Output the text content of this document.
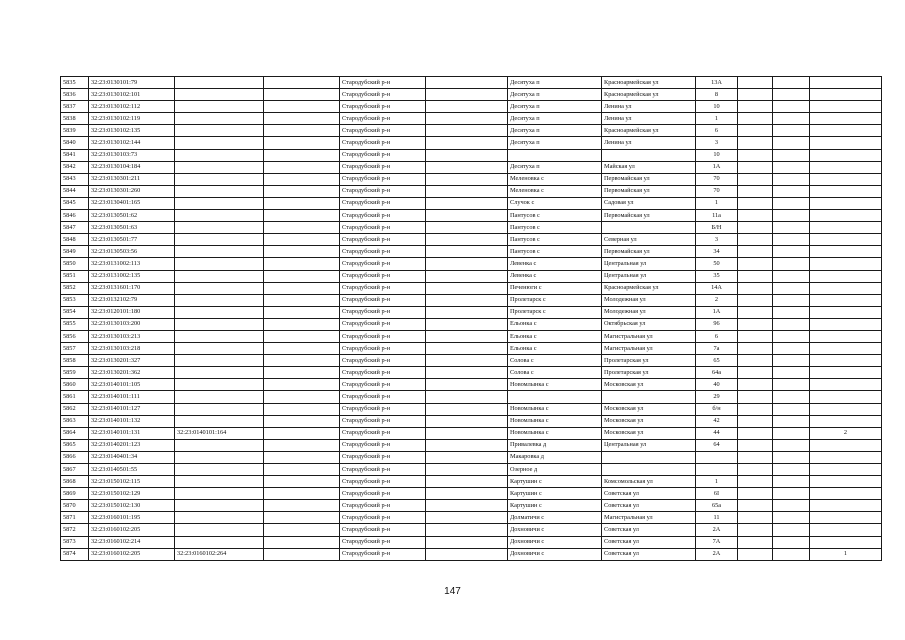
5835	32:23:0130101:79			Стародубский р-н		Десятуха п	Красноармейская ул	13А			
5836	32:23:0130102:101			Стародубский р-н		Десятуха п	Красноармейская ул	8			
5837	32:23:0130102:112			Стародубский р-н		Десятуха п	Ленина ул	10			
5838	32:23:0130102:119			Стародубский р-н		Десятуха п	Ленина ул	1			
5839	32:23:0130102:135			Стародубский р-н		Десятуха п	Красноармейская ул	6			
5840	32:23:0130102:144			Стародубский р-н		Десятуха п	Ленина ул	3			
5841	32:23:0130103:73			Стародубский р-н				10			
5842	32:23:0130104:184			Стародубский р-н		Десятуха п	Майская ул	1А			
5843	32:23:0130301:211			Стародубский р-н		Меленовка с	Первомайская ул	70			
5844	32:23:0130301:260			Стародубский р-н		Меленовка с	Первомайская ул	70			
5845	32:23:0130401:165			Стародубский р-н		Случок с	Садовая ул	1			
5846	32:23:0130501:62			Стародубский р-н		Пантусов с	Первомайская ул	11а			
5847	32:23:0130501:63			Стародубский р-н		Пантусов с		Б/Н			
5848	32:23:0130501:77			Стародубский р-н		Пантусов с	Северная ул	3			
5849	32:23:0130503:56			Стародубский р-н		Пантусов с	Первомайская ул	34			
5850	32:23:0131002:113			Стародубский р-н		Левенка с	Центральная ул	50			
5851	32:23:0131002:135			Стародубский р-н		Левенка с	Центральная ул	35			
5852	32:23:0131601:170			Стародубский р-н		Печенюги с	Красноармейская ул	14А			
5853	32:23:0132102:79			Стародубский р-н		Пролетарск с	Молодежная ул	2			
5854	32:23:0120101:180			Стародубский р-н		Пролетарск с	Молодежная ул	1А			
5855	32:23:0130103:200			Стародубский р-н		Ельонка с	Октябрьская ул	96			
5856	32:23:0130103:213			Стародубский р-н		Ельонка с	Магистральная ул	6			
5857	32:23:0130103:218			Стародубский р-н		Ельонка с	Магистральная ул	7а			
5858	32:23:0130201:327			Стародубский р-н		Солова с	Пролетарская ул	65			
5859	32:23:0130201:362			Стародубский р-н		Солова с	Пролетарская ул	64а			
5860	32:23:0140101:105			Стародубский р-н		Новомлынка с	Московская ул	40			
5861	32:23:0140101:111			Стародубский р-н				29			
5862	32:23:0140101:127			Стародубский р-н		Новомлынка с	Московская ул	б/н			
5863	32:23:0140101:132			Стародубский р-н		Новомлынка с	Московская ул	42			
5864	32:23:0140101:131	32:23:0140101:164		Стародубский р-н		Новомлынка с	Московская ул	44			2
5865	32:23:0140201:123			Стародубский р-н		Привалевка д	Центральная ул	64			
5866	32:23:0140401:34			Стародубский р-н		Макаровка д					
5867	32:23:0140501:55			Стародубский р-н		Озерное д					
5868	32:23:0150102:115			Стародубский р-н		Картушин с	Комсомольская ул	1			
5869	32:23:0150102:129			Стародубский р-н		Картушин с	Советская ул	6І			
5870	32:23:0150102:130			Стародубский р-н		Картушин с	Советская ул	65а			
5871	32:23:0160101:195			Стародубский р-н		Долматичи с	Магистральная ул	11			
5872	32:23:0160102:205			Стародубский р-н		Дохновичи с	Советская ул	2А			
5873	32:23:0160102:214			Стародубский р-н		Дохновичи с	Советская ул	7А			
5874	32:23:0160102:205	32:23:0160102:264		Стародубский р-н		Дохновичи с	Советская ул	2А			1
147
